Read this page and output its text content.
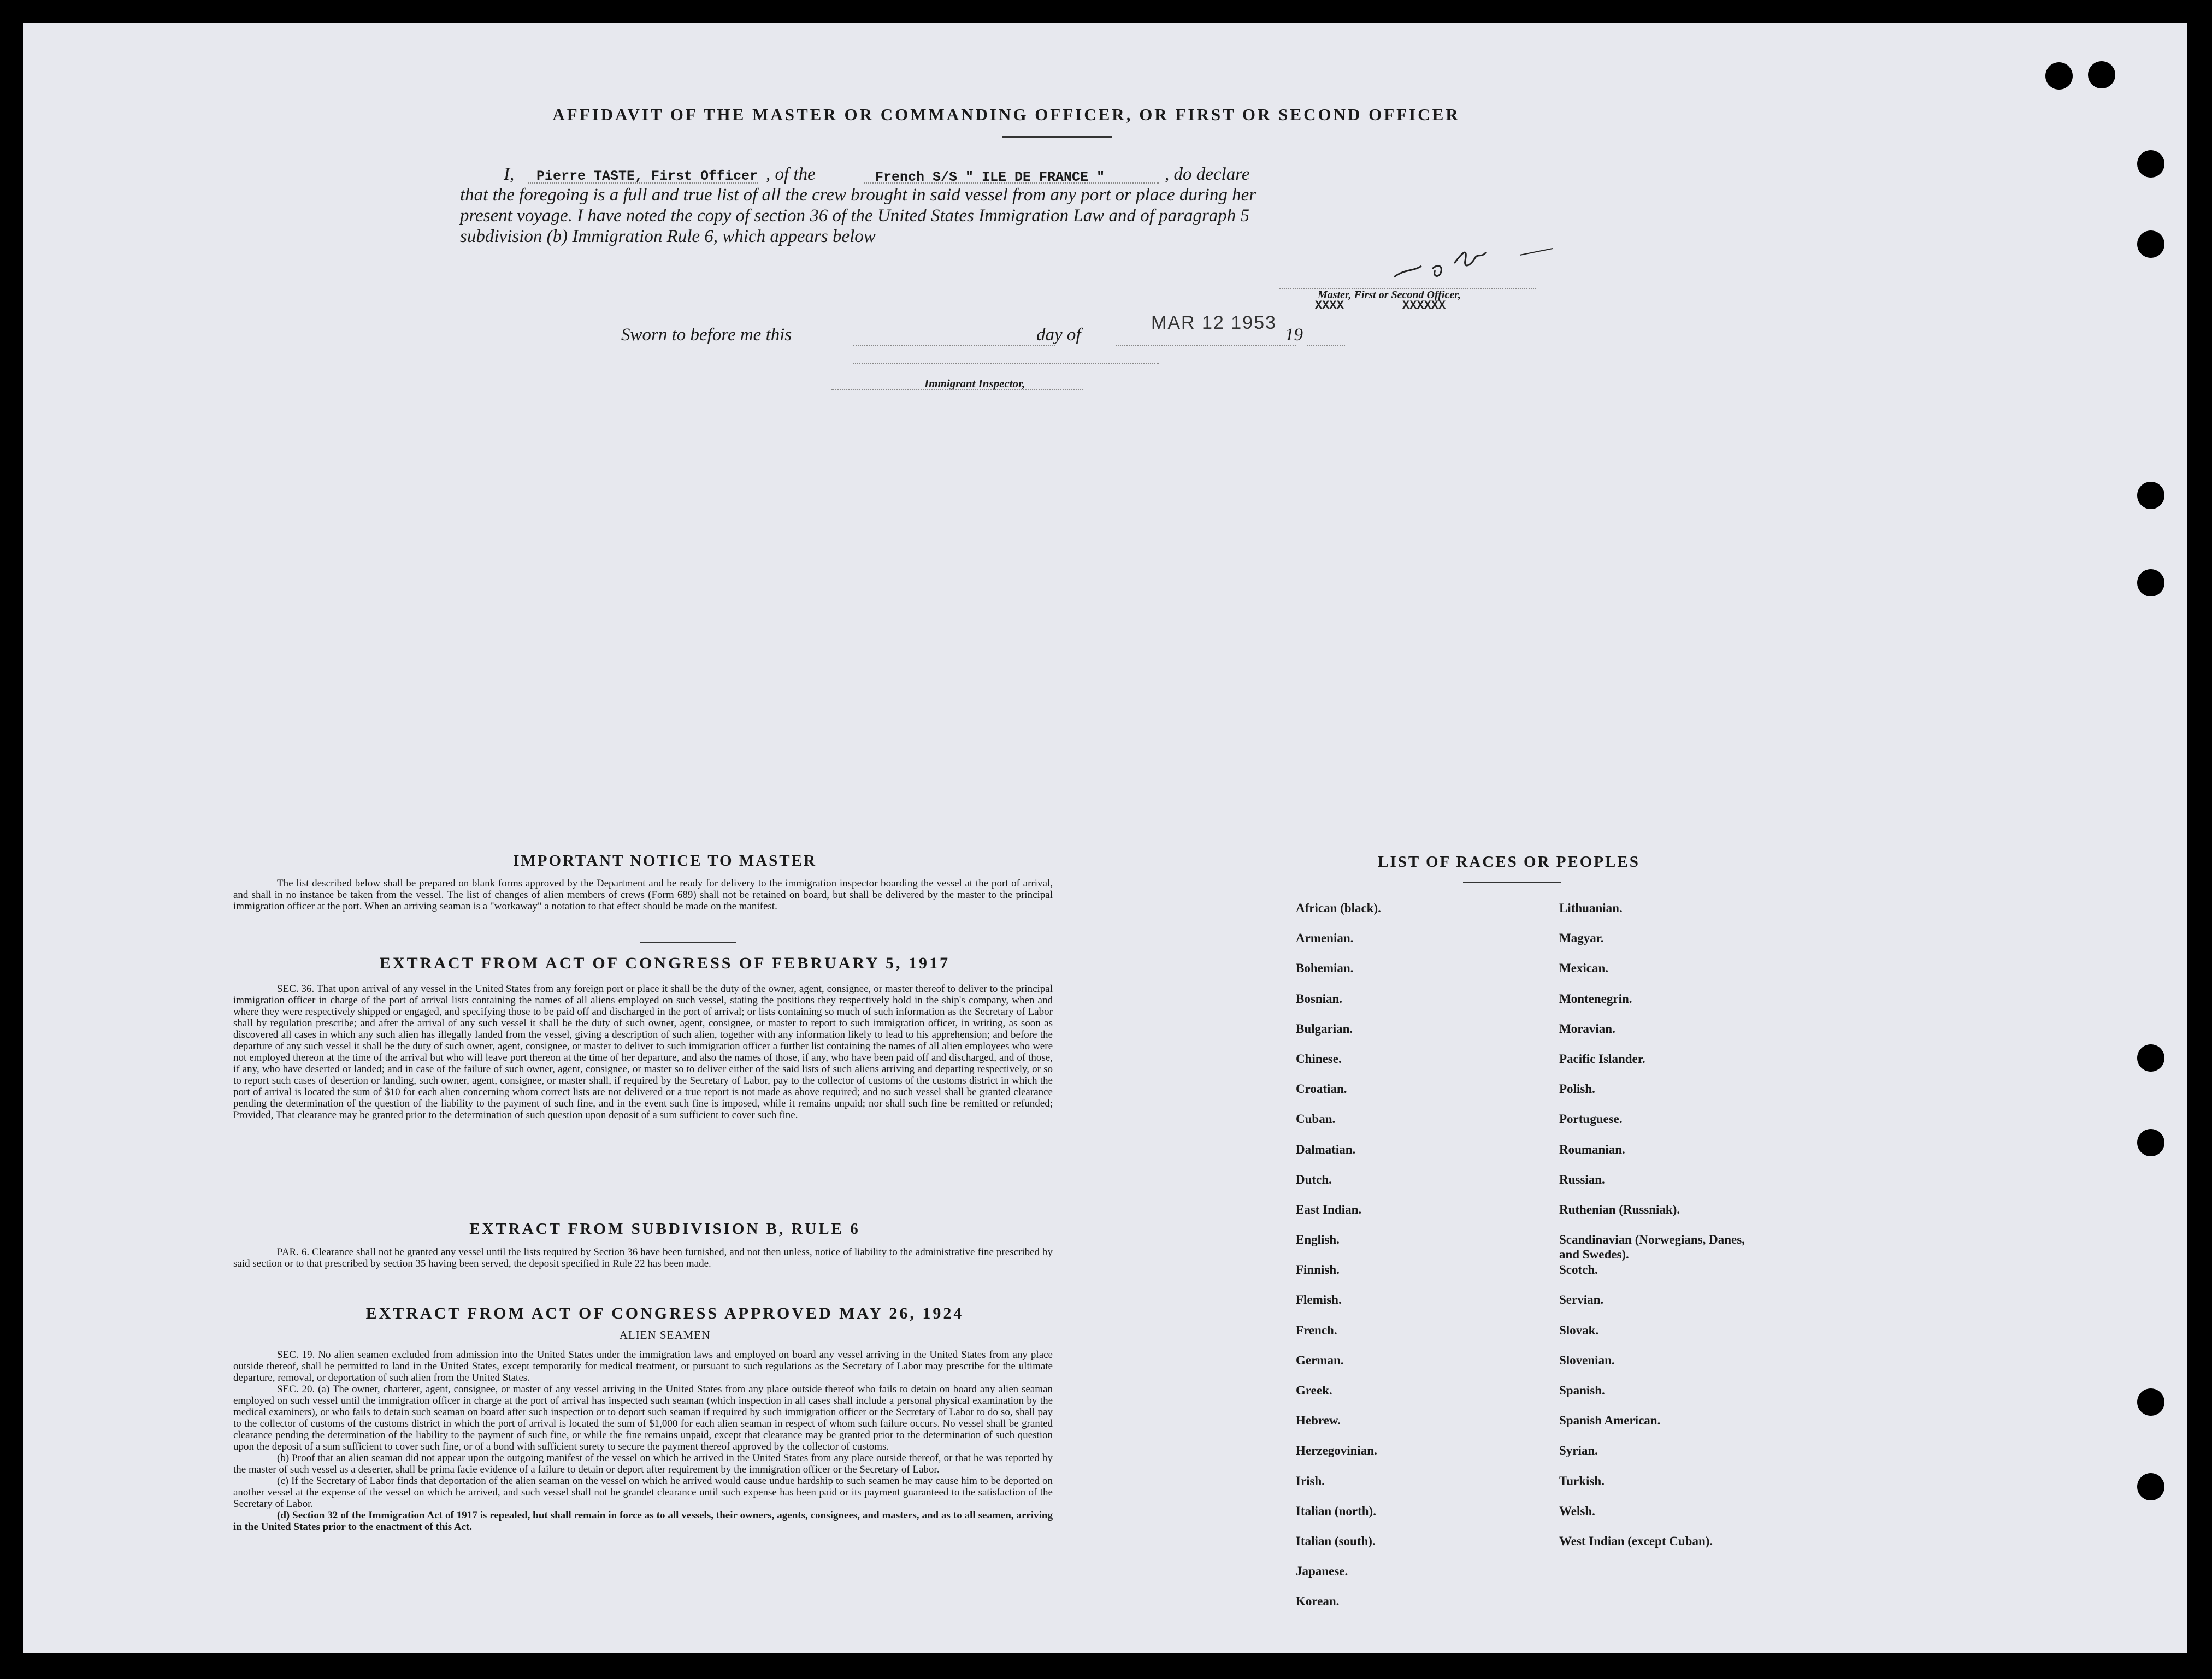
AFFIDAVIT OF THE MASTER OR COMMANDING OFFICER, OR FIRST OR SECOND OFFICER
I, Pierre TASTE, First Officer , of the	French S/S " ILE DE FRANCE "	, do declare
that the foregoing is a full and true list of all the crew brought in said vessel from any port or place during her
present voyage. I have noted the copy of section 36 of the United States Immigration Law and of paragraph 5
subdivision (b) Immigration Rule 6, which appears below
Master, First or Second Officer,
XXXX	XXXXXX
Sworn to before me this	day of
MAR 12 1953
19
Immigrant Inspector,
IMPORTANT NOTICE TO MASTER
The list described below shall be prepared on blank forms approved by the Department and be ready for delivery to the immigration inspector boarding the vessel at the port of arrival, and shall in no instance be taken from the vessel. The list of changes of alien members of crews (Form 689) shall not be retained on board, but shall be delivered by the master to the principal immigration officer at the port. When an arriving seaman is a "workaway" a notation to that effect should be made on the manifest.
EXTRACT FROM ACT OF CONGRESS OF FEBRUARY 5, 1917
SEC. 36. That upon arrival of any vessel in the United States from any foreign port or place it shall be the duty of the owner, agent, consignee, or master thereof to deliver to the principal immigration officer in charge of the port of arrival lists containing the names of all aliens employed on such vessel, stating the positions they respectively hold in the ship's company, when and where they were respectively shipped or engaged, and specifying those to be paid off and discharged in the port of arrival; or lists containing so much of such information as the Secretary of Labor shall by regulation prescribe; and after the arrival of any such vessel it shall be the duty of such owner, agent, consignee, or master to report to such immigration officer, in writing, as soon as discovered all cases in which any such alien has illegally landed from the vessel, giving a description of such alien, together with any information likely to lead to his apprehension; and before the departure of any such vessel it shall be the duty of such owner, agent, consignee, or master to deliver to such immigration officer a further list containing the names of all alien employees who were not employed thereon at the time of the arrival but who will leave port thereon at the time of her departure, and also the names of those, if any, who have been paid off and discharged, and of those, if any, who have deserted or landed; and in case of the failure of such owner, agent, consignee, or master so to deliver either of the said lists of such aliens arriving and departing respectively, or so to report such cases of desertion or landing, such owner, agent, consignee, or master shall, if required by the Secretary of Labor, pay to the collector of customs of the customs district in which the port of arrival is located the sum of $10 for each alien concerning whom correct lists are not delivered or a true report is not made as above required; and no such vessel shall be granted clearance pending the determination of the question of the liability to the payment of such fine, and in the event such fine is imposed, while it remains unpaid; nor shall such fine be remitted or refunded; Provided, That clearance may be granted prior to the determination of such question upon deposit of a sum sufficient to cover such fine.
EXTRACT FROM SUBDIVISION B, RULE 6
PAR. 6. Clearance shall not be granted any vessel until the lists required by Section 36 have been furnished, and not then unless, notice of liability to the administrative fine prescribed by said section or to that prescribed by section 35 having been served, the deposit specified in Rule 22 has been made.
EXTRACT FROM ACT OF CONGRESS APPROVED MAY 26, 1924
ALIEN SEAMEN
SEC. 19. No alien seamen excluded from admission into the United States under the immigration laws and employed on board any vessel arriving in the United States from any place outside thereof, shall be permitted to land in the United States, except temporarily for medical treatment, or pursuant to such regulations as the Secretary of Labor may prescribe for the ultimate departure, removal, or deportation of such alien from the United States.
SEC. 20. (a) The owner, charterer, agent, consignee, or master of any vessel arriving in the United States from any place outside thereof who fails to detain on board any alien seaman employed on such vessel until the immigration officer in charge at the port of arrival has inspected such seaman (which inspection in all cases shall include a personal physical examination by the medical examiners), or who fails to detain such seaman on board after such inspection or to deport such seaman if required by such immigration officer or the Secretary of Labor to do so, shall pay to the collector of customs of the customs district in which the port of arrival is located the sum of $1,000 for each alien seaman in respect of whom such failure occurs. No vessel shall be granted clearance pending the determination of the liability to the payment of such fine, or while the fine remains unpaid, except that clearance may be granted prior to the determination of such question upon the deposit of a sum sufficient to cover such fine, or of a bond with sufficient surety to secure the payment thereof approved by the collector of customs.
(b) Proof that an alien seaman did not appear upon the outgoing manifest of the vessel on which he arrived in the United States from any place outside thereof, or that he was reported by the master of such vessel as a deserter, shall be prima facie evidence of a failure to detain or deport after requirement by the immigration officer or the Secretary of Labor.
(c) If the Secretary of Labor finds that deportation of the alien seaman on the vessel on which he arrived would cause undue hardship to such seamen he may cause him to be deported on another vessel at the expense of the vessel on which he arrived, and such vessel shall not be grandet clearance until such expense has been paid or its payment guaranteed to the satisfaction of the Secretary of Labor.
(d) Section 32 of the Immigration Act of 1917 is repealed, but shall remain in force as to all vessels, their owners, agents, consignees, and masters, and as to all seamen, arriving in the United States prior to the enactment of this Act.
LIST OF RACES OR PEOPLES
African (black).
Armenian.
Bohemian.
Bosnian.
Bulgarian.
Chinese.
Croatian.
Cuban.
Dalmatian.
Dutch.
East Indian.
English.
Finnish.
Flemish.
French.
German.
Greek.
Hebrew.
Herzegovinian.
Irish.
Italian (north).
Italian (south).
Japanese.
Korean.
Lithuanian.
Magyar.
Mexican.
Montenegrin.
Moravian.
Pacific Islander.
Polish.
Portuguese.
Roumanian.
Russian.
Ruthenian (Russniak).
Scandinavian (Norwegians, Danes, and Swedes).
Scotch.
Servian.
Slovak.
Slovenian.
Spanish.
Spanish American.
Syrian.
Turkish.
Welsh.
West Indian (except Cuban).
